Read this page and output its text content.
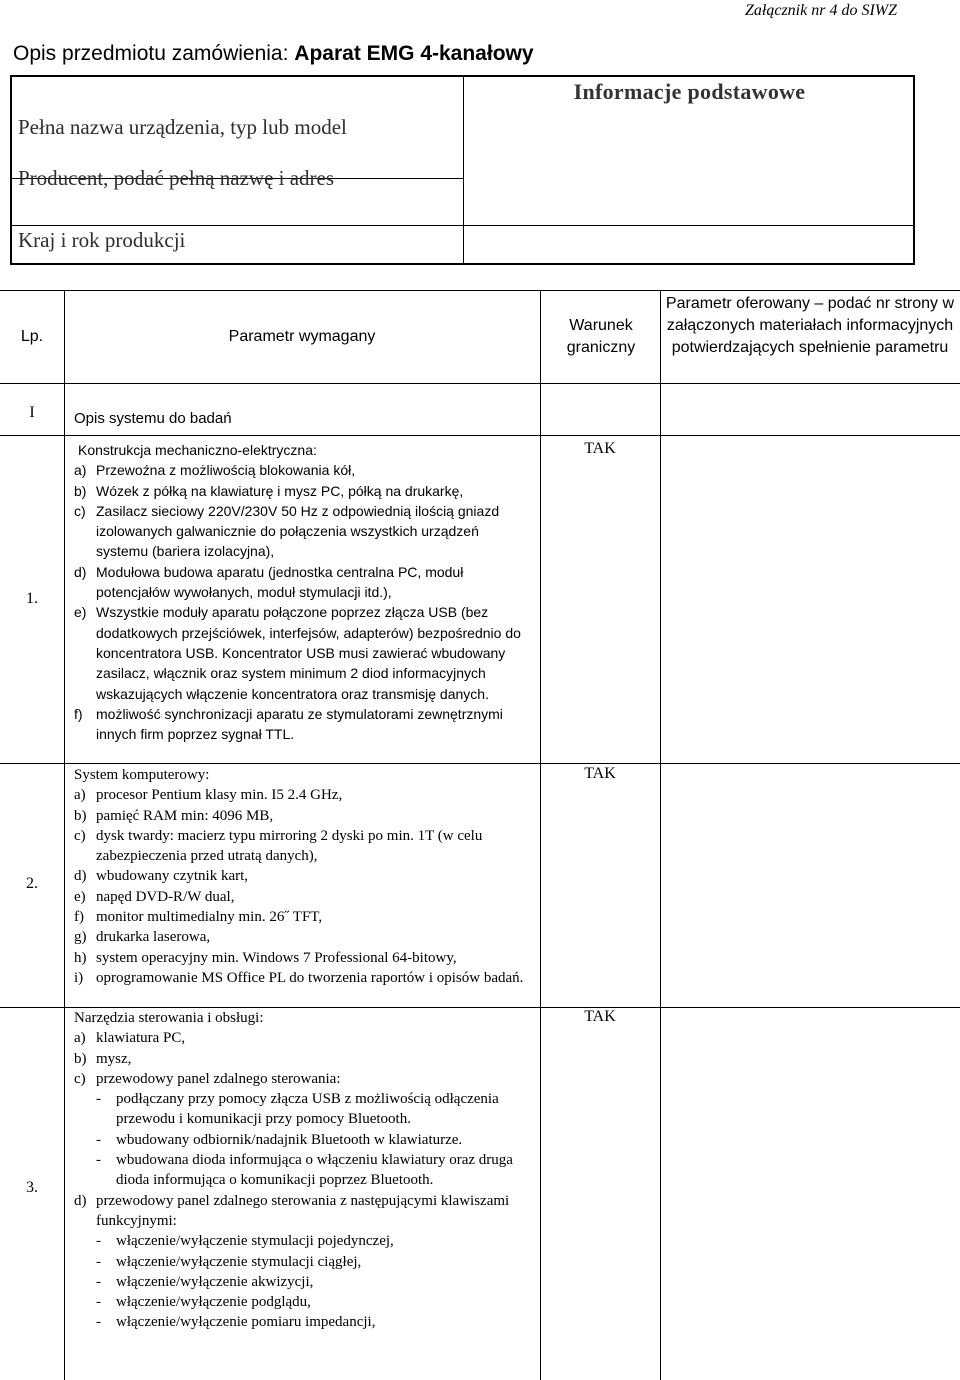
Załącznik nr 4 do SIWZ
Opis przedmiotu zamówienia: Aparat EMG 4-kanałowy
Informacje podstawowe
Pełna nazwa urządzenia, typ lub model
Producent, podać pełną nazwę i adres
Kraj i rok produkcji
Lp.	Parametr wymagany
Warunek graniczny
Parametr oferowany – podać nr strony w załączonych materiałach informacyjnych potwierdzających spełnienie parametru
I	Opis systemu do badań
1.
2.
3.
TAK
TAK
TAK
Konstrukcja mechaniczno-elektryczna:
a) Przewoźna z możliwością blokowania kół,
b) Wózek z półką na klawiaturę i mysz PC, półką na drukarkę,
c) Zasilacz sieciowy 220V/230V 50 Hz z odpowiednią ilością gniazd izolowanych galwanicznie do połączenia wszystkich urządzeń systemu (bariera izolacyjna),
d) Modułowa budowa aparatu (jednostka centralna PC, moduł potencjałów wywołanych, moduł stymulacji itd.),
e) Wszystkie moduły aparatu połączone poprzez złącza USB (bez dodatkowych przejściówek, interfejsów, adapterów) bezpośrednio do koncentratora USB. Koncentrator USB musi zawierać wbudowany zasilacz, włącznik oraz system minimum 2 diod informacyjnych wskazujących włączenie koncentratora oraz transmisję danych.
f) możliwość synchronizacji aparatu ze stymulatorami zewnętrznymi innych firm poprzez sygnał TTL.
System komputerowy:
a) procesor Pentium klasy min. I5 2.4 GHz,
b) pamięć RAM min: 4096 MB,
c) dysk twardy: macierz typu mirroring 2 dyski po min. 1T (w celu zabezpieczenia przed utratą danych),
d) wbudowany czytnik kart,
e) napęd DVD-R/W dual,
f) monitor multimedialny min. 26˝ TFT,
g) drukarka laserowa,
h) system operacyjny min. Windows 7 Professional 64-bitowy,
i) oprogramowanie MS Office PL do tworzenia raportów i opisów badań.
Narzędzia sterowania i obsługi:
a) klawiatura PC,
b) mysz,
c) przewodowy panel zdalnego sterowania:
- podłączany przy pomocy złącza USB z możliwością odłączenia przewodu i komunikacji przy pomocy Bluetooth.
- wbudowany odbiornik/nadajnik Bluetooth w klawiaturze.
- wbudowana dioda informująca o włączeniu klawiatury oraz druga dioda informująca o komunikacji poprzez Bluetooth.
d) przewodowy panel zdalnego sterowania z następującymi klawiszami funkcyjnymi:
- włączenie/wyłączenie stymulacji pojedynczej,
- włączenie/wyłączenie stymulacji ciągłej,
- włączenie/wyłączenie akwizycji,
- włączenie/wyłączenie podglądu,
- włączenie/wyłączenie pomiaru impedancji,
